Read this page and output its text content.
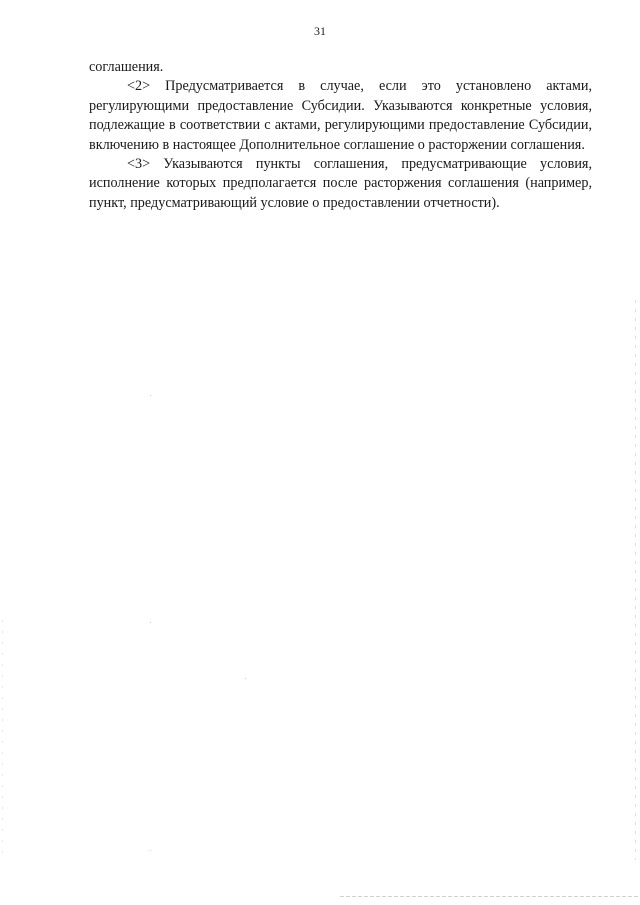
31

соглашения.

<2> Предусматривается в случае, если это установлено актами, регулирующими предоставление Субсидии. Указываются конкретные условия, подлежащие в соответствии с актами, регулирующими предоставление Субсидии, включению в настоящее Дополнительное соглашение о расторжении соглашения.

<3> Указываются пункты соглашения, предусматривающие условия, исполнение которых предполагается после расторжения соглашения (например, пункт, предусматривающий условие о предоставлении отчетности).
